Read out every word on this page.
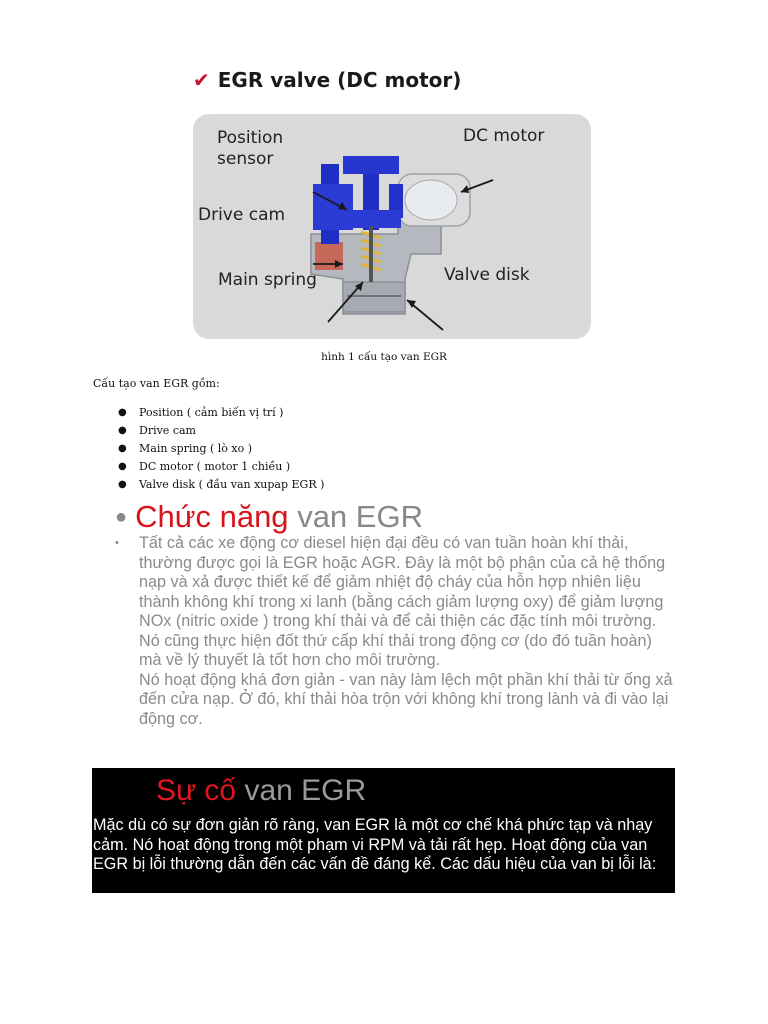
✔ EGR valve (DC motor)
Position
sensor
DC motor
Drive cam
Main spring	Valve disk
hình 1 cấu tạo van EGR
Cấu tạo van EGR gồm:
● Position ( cảm biến vị trí )
● Drive cam
● Main spring ( lò xo )
● DC motor ( motor 1 chiều )
● Valve disk ( đầu van xupap EGR )
● Chức năng van EGR
• Tất cả các xe động cơ diesel hiện đại đều có van tuần hoàn khí thải, thường được gọi là EGR hoặc AGR. Đây là một bộ phận của cả hệ thống nạp và xả được thiết kế để giảm nhiệt độ cháy của hỗn hợp nhiên liệu thành không khí trong xi lanh (bằng cách giảm lượng oxy) để giảm lượng NOx (nitric oxide ) trong khí thải và để cải thiện các đặc tính môi trường. Nó cũng thực hiện đốt thứ cấp khí thải trong động cơ (do đó tuần hoàn) mà về lý thuyết là tốt hơn cho môi trường.
Nó hoạt động khá đơn giản - van này làm lệch một phần khí thải từ ống xả đến cửa nạp. Ở đó, khí thải hòa trộn với không khí trong lành và đi vào lại động cơ.
Sự cố van EGR
Mặc dù có sự đơn giản rõ ràng, van EGR là một cơ chế khá phức tạp và nhạy cảm. Nó hoạt động trong một phạm vi RPM và tải rất hẹp. Hoạt động của van EGR bị lỗi thường dẫn đến các vấn đề đáng kể. Các dấu hiệu của van bị lỗi là:
